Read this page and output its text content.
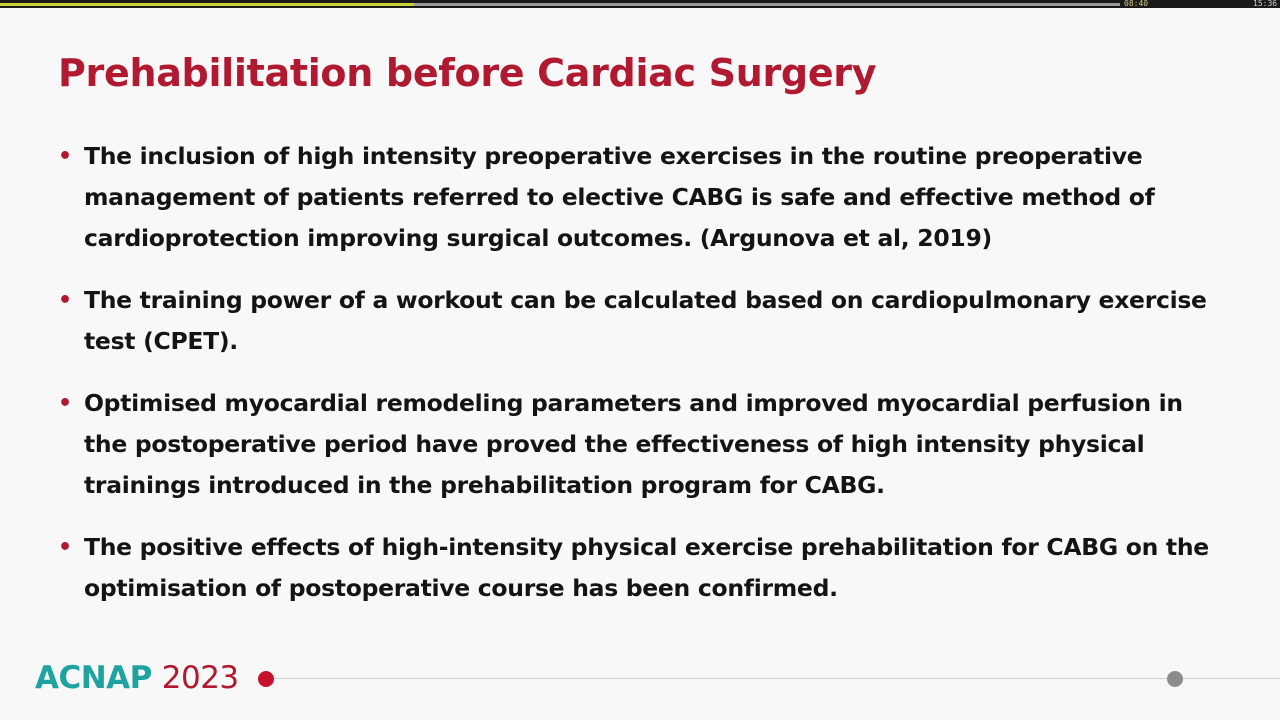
08:40	15:36
Prehabilitation before Cardiac Surgery
• The inclusion of high intensity preoperative exercises in the routine preoperative management of patients referred to elective CABG is safe and effective method of cardioprotection improving surgical outcomes. (Argunova et al, 2019)
• The training power of a workout can be calculated based on cardiopulmonary exercise test (CPET).
• Optimised myocardial remodeling parameters and improved myocardial perfusion in the postoperative period have proved the effectiveness of high intensity physical trainings introduced in the prehabilitation program for CABG.
• The positive effects of high-intensity physical exercise prehabilitation for CABG on the optimisation of postoperative course has been confirmed.
ACNAP 2023
